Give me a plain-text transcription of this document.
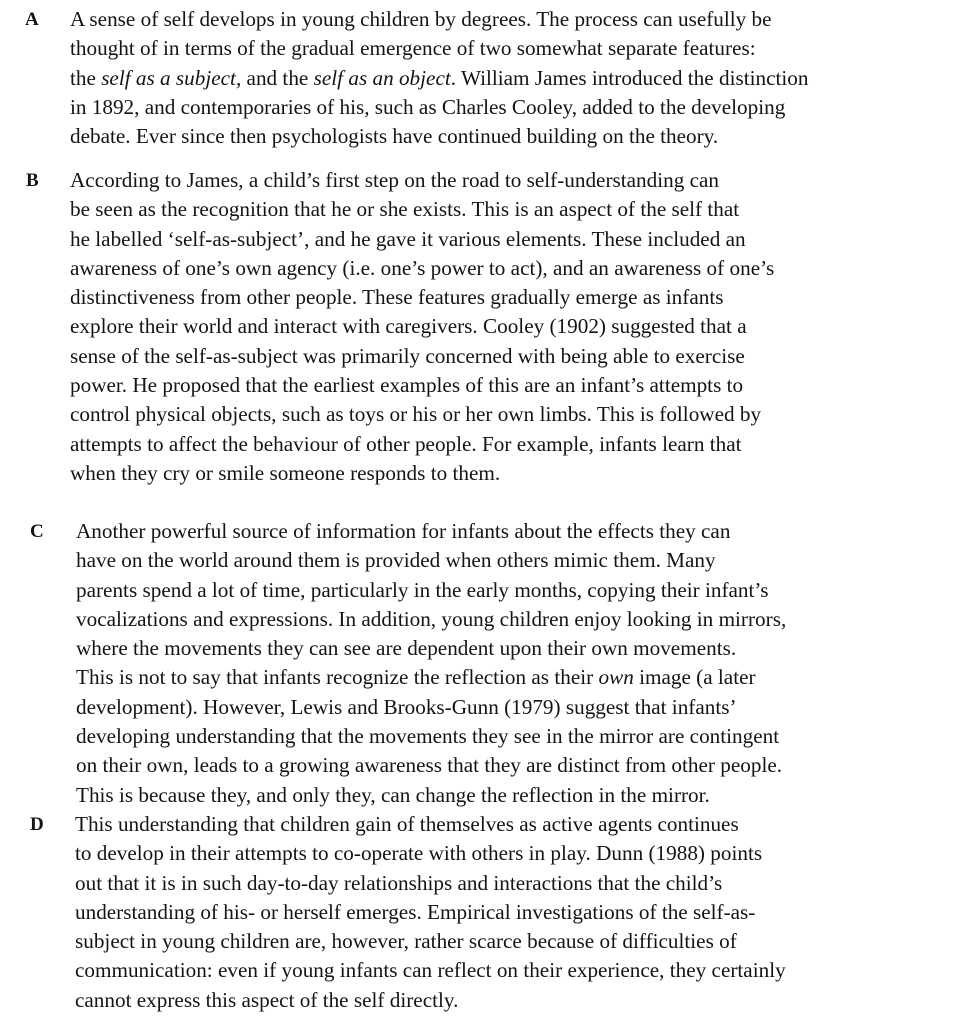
A A sense of self develops in young children by degrees. The process can usefully be
thought of in terms of the gradual emergence of two somewhat separate features:
the self as a subject, and the self as an object. William James introduced the distinction
in 1892, and contemporaries of his, such as Charles Cooley, added to the developing
debate. Ever since then psychologists have continued building on the theory.
B According to James, a child’s first step on the road to self-understanding can
be seen as the recognition that he or she exists. This is an aspect of the self that
he labelled ‘self-as-subject’, and he gave it various elements. These included an
awareness of one’s own agency (i.e. one’s power to act), and an awareness of one’s
distinctiveness from other people. These features gradually emerge as infants
explore their world and interact with caregivers. Cooley (1902) suggested that a
sense of the self-as-subject was primarily concerned with being able to exercise
power. He proposed that the earliest examples of this are an infant’s attempts to
control physical objects, such as toys or his or her own limbs. This is followed by
attempts to affect the behaviour of other people. For example, infants learn that
when they cry or smile someone responds to them.
C Another powerful source of information for infants about the effects they can
have on the world around them is provided when others mimic them. Many
parents spend a lot of time, particularly in the early months, copying their infant’s
vocalizations and expressions. In addition, young children enjoy looking in mirrors,
where the movements they can see are dependent upon their own movements.
This is not to say that infants recognize the reflection as their own image (a later
development). However, Lewis and Brooks-Gunn (1979) suggest that infants’
developing understanding that the movements they see in the mirror are contingent
on their own, leads to a growing awareness that they are distinct from other people.
This is because they, and only they, can change the reflection in the mirror.
D This understanding that children gain of themselves as active agents continues
to develop in their attempts to co-operate with others in play. Dunn (1988) points
out that it is in such day-to-day relationships and interactions that the child’s
understanding of his- or herself emerges. Empirical investigations of the self-as-
subject in young children are, however, rather scarce because of difficulties of
communication: even if young infants can reflect on their experience, they certainly
cannot express this aspect of the self directly.
